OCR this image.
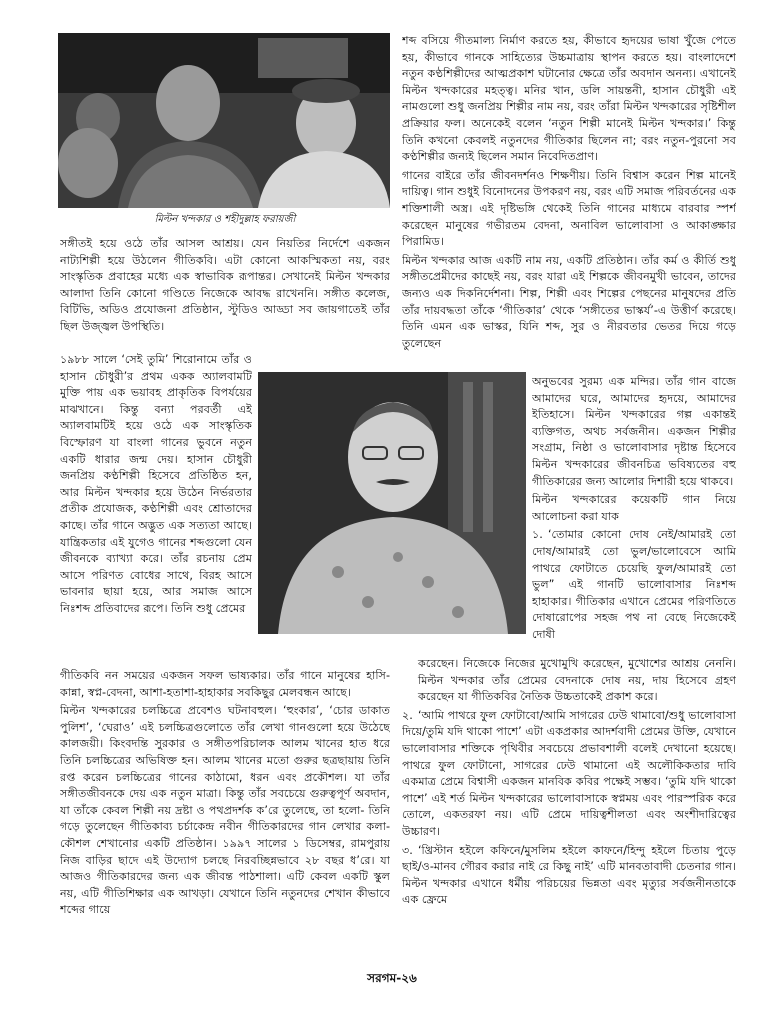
মিল্টন খন্দকার ও শহীদুল্লাহ ফরায়জী

সঙ্গীতই হয়ে ওঠে তাঁর আসল আশ্রয়। যেন নিয়তির নির্দেশে একজন নাট্যশিল্পী হয়ে উঠলেন গীতিকবি। এটা কোনো আকস্মিকতা নয়, বরং সাংস্কৃতিক প্রবাহের মধ্যে এক স্বাভাবিক রূপান্তর। সেখানেই মিল্টন খন্দকার আলাদা তিনি কোনো গণ্ডিতে নিজেকে আবদ্ধ রাখেননি। সঙ্গীত কলেজ, বিটিভি, অডিও প্রযোজনা প্রতিষ্ঠান, স্টুডিও আড্ডা সব জায়গাতেই তাঁর ছিল উজ্জ্বল উপস্থিতি।

১৯৮৮ সালে ‘সেই তুমি’ শিরোনামে তাঁর ও হাসান চৌধুরী’র প্রথম একক অ্যালবামটি মুক্তি পায় এক ভয়াবহ প্রাকৃতিক বিপর্যয়ের মাঝখানে। কিন্তু বন্যা পরবর্তী এই অ্যালবামটিই হয়ে ওঠে এক সাংস্কৃতিক বিস্ফোরণ যা বাংলা গানের ভুবনে নতুন একটি ধারার জন্ম দেয়। হাসান চৌধুরী জনপ্রিয় কণ্ঠশিল্পী হিসেবে প্রতিষ্ঠিত হন, আর মিল্টন খন্দকার হয়ে উঠেন নির্ভরতার প্রতীক প্রযোজক, কণ্ঠশিল্পী এবং শ্রোতাদের কাছে। তাঁর গানে অদ্ভুত এক সত্যতা আছে। যান্ত্রিকতার এই যুগেও গানের শব্দগুলো যেন জীবনকে ব্যাখ্যা করে। তাঁর রচনায় প্রেম আসে পরিণত বোধের সাথে, বিরহ আসে ভাবনার ছায়া হয়ে, আর সমাজ আসে নিঃশব্দ প্রতিবাদের রূপে। তিনি শুধু প্রেমের

গীতিকবি নন সময়ের একজন সফল ভাষ্যকার। তাঁর গানে মানুষের হাসি-কান্না, স্বপ্ন-বেদনা, আশা-হতাশা-হাহাকার সবকিছুর মেলবন্ধন আছে।

মিল্টন খন্দকারের চলচ্চিত্রে প্রবেশও ঘটনাবহুল। ‘হুংকার’, ‘চোর ডাকাত পুলিশ’, ‘ঘেরাও’ এই চলচ্চিত্রগুলোতে তাঁর লেখা গানগুলো হয়ে উঠেছে কালজয়ী। কিংবদন্তি সুরকার ও সঙ্গীতপরিচালক আলম খানের হাত ধরে তিনি চলচ্চিত্রের অভিষিক্ত হন। আলম খানের মতো গুরুর ছত্রছায়ায় তিনি রপ্ত করেন চলচ্চিত্রের গানের কাঠামো, ধরন এবং প্রকৌশল। যা তাঁর সঙ্গীতজীবনকে দেয় এক নতুন মাত্রা। কিন্তু তাঁর সবচেয়ে গুরুত্বপূর্ণ অবদান, যা তাঁকে কেবল শিল্পী নয় দ্রষ্টা ও পথপ্রদর্শক ক’রে তুলেছে, তা হলো- তিনি গড়ে তুলেছেন গীতিকাব্য চর্চাকেন্দ্র নবীন গীতিকারদের গান লেখার কলা-কৌশল শেখানোর একটি প্রতিষ্ঠান। ১৯৯৭ সালের ১ ডিসেম্বর, রামপুরায় নিজ বাড়ির ছাদে এই উদ্যোগ চলছে নিরবচ্ছিন্নভাবে ২৮ বছর ধ’রে। যা আজও গীতিকারদের জন্য এক জীবন্ত পাঠশালা। এটি কেবল একটি স্কুল নয়, এটি গীতিশিক্ষার এক আখড়া। যেখানে তিনি নতুনদের শেখান কীভাবে শব্দের গায়ে

শব্দ বসিয়ে গীতমাল্য নির্মাণ করতে হয়, কীভাবে হৃদয়ের ভাষা খুঁজে পেতে হয়, কীভাবে গানকে সাহিত্যের উচ্চমাত্রায় স্থাপন করতে হয়। বাংলাদেশে নতুন কণ্ঠশিল্পীদের আত্মপ্রকাশ ঘটানোর ক্ষেত্রে তাঁর অবদান অনন্য। এখানেই মিল্টন খন্দকারের মহত্ত্ব। মনির খান, ডলি সায়ন্তনী, হাসান চৌধুরী এই নামগুলো শুধু জনপ্রিয় শিল্পীর নাম নয়, বরং তাঁরা মিল্টন খন্দকারের সৃষ্টিশীল প্রক্রিয়ার ফল। অনেকেই বলেন ‘নতুন শিল্পী মানেই মিল্টন খন্দকার।’ কিন্তু তিনি কখনো কেবলই নতুনদের গীতিকার ছিলেন না; বরং নতুন-পুরনো সব কণ্ঠশিল্পীর জন্যই ছিলেন সমান নিবেদিতপ্রাণ।

গানের বাইরে তাঁর জীবনদর্শনও শিক্ষণীয়। তিনি বিশ্বাস করেন শিল্প মানেই দায়িত্ব। গান শুধুই বিনোদনের উপকরণ নয়, বরং এটি সমাজ পরিবর্তনের এক শক্তিশালী অস্ত্র। এই দৃষ্টিভঙ্গি থেকেই তিনি গানের মাধ্যমে বারবার স্পর্শ করেছেন মানুষের গভীরতম বেদনা, অনাবিল ভালোবাসা ও আকাঙ্ক্ষার পিরামিড।

মিল্টন খন্দকার আজ একটি নাম নয়, একটি প্রতিষ্ঠান। তাঁর কর্ম ও কীর্তি শুধু সঙ্গীতপ্রেমীদের কাছেই নয়, বরং যারা এই শিল্পকে জীবনমুখী ভাবেন, তাদের জন্যও এক দিকনির্দেশনা। শিল্প, শিল্পী এবং শিল্পের পেছনের মানুষদের প্রতি তাঁর দায়বদ্ধতা তাঁকে ‘গীতিকার’ থেকে ‘সঙ্গীতের ভাস্কর্য’-এ উত্তীর্ণ করেছে। তিনি এমন এক ভাস্কর, যিনি শব্দ, সুর ও নীরবতার ভেতর দিয়ে গড়ে তুলেছেন

অনুভবের সুরম্য এক মন্দির। তাঁর গান বাজে আমাদের ঘরে, আমাদের হৃদয়ে, আমাদের ইতিহাসে। মিল্টন খন্দকারের গল্প একান্তই ব্যক্তিগত, অথচ সর্বজনীন। একজন শিল্পীর সংগ্রাম, নিষ্ঠা ও ভালোবাসার দৃষ্টান্ত হিসেবে মিল্টন খন্দকারের জীবনচিত্র ভবিষ্যতের বহু গীতিকারের জন্য আলোর দিশারী হয়ে থাকবে।

মিল্টন খন্দকারের কয়েকটি গান নিয়ে আলোচনা করা যাক

১. ‘তোমার কোনো দোষ নেই/আমারই তো দোষ/আমারই তো ভুল/ভালোবেসে আমি পাথরে ফোটাতে চেয়েছি ফুল/আমারই তো ভুল” এই গানটি ভালোবাসার নিঃশব্দ হাহাকার। গীতিকার এখানে প্রেমের পরিণতিতে দোষারোপের সহজ পথ না বেছে নিজেকেই দোষী

করেছেন। নিজেকে নিজের মুখোমুখি করেছেন, মুখোশের আশ্রয় নেননি। মিল্টন খন্দকার তাঁর প্রেমের বেদনাকে দোষ নয়, দায় হিসেবে গ্রহণ করেছেন যা গীতিকবির নৈতিক উচ্চতাকেই প্রকাশ করে।

২. ‘আমি পাথরে ফুল ফোটাবো/আমি সাগরের ঢেউ থামাবো/শুধু ভালোবাসা দিয়ে/তুমি যদি থাকো পাশে’ এটা একপ্রকার আদর্শবাদী প্রেমের উক্তি, যেখানে ভালোবাসার শক্তিকে পৃথিবীর সবচেয়ে প্রভাবশালী বলেই দেখানো হয়েছে। পাথরে ফুল ফোটানো, সাগরের ঢেউ থামানো এই অলৌকিকতার দাবি একমাত্র প্রেমে বিশ্বাসী একজন মানবিক কবির পক্ষেই সম্ভব। ‘তুমি যদি থাকো পাশে’ এই শর্ত মিল্টন খন্দকারের ভালোবাসাকে স্বপ্নময় এবং পারস্পরিক করে তোলে, একতরফা নয়। এটি প্রেমে দায়িত্বশীলতা এবং অংশীদারিত্বের উচ্চারণ।

৩. ‘খ্রিস্টান হইলে কফিনে/মুসলিম হইলে কাফনে/হিন্দু হইলে চিতায় পুড়ে ছাই/ও-মানব গৌরব করার নাই রে কিছু নাই’ এটি মানবতাবাদী চেতনার গান। মিল্টন খন্দকার এখানে ধর্মীয় পরিচয়ের ভিন্নতা এবং মৃত্যুর সর্বজনীনতাকে এক ফ্রেমে

সরগম-২৬
